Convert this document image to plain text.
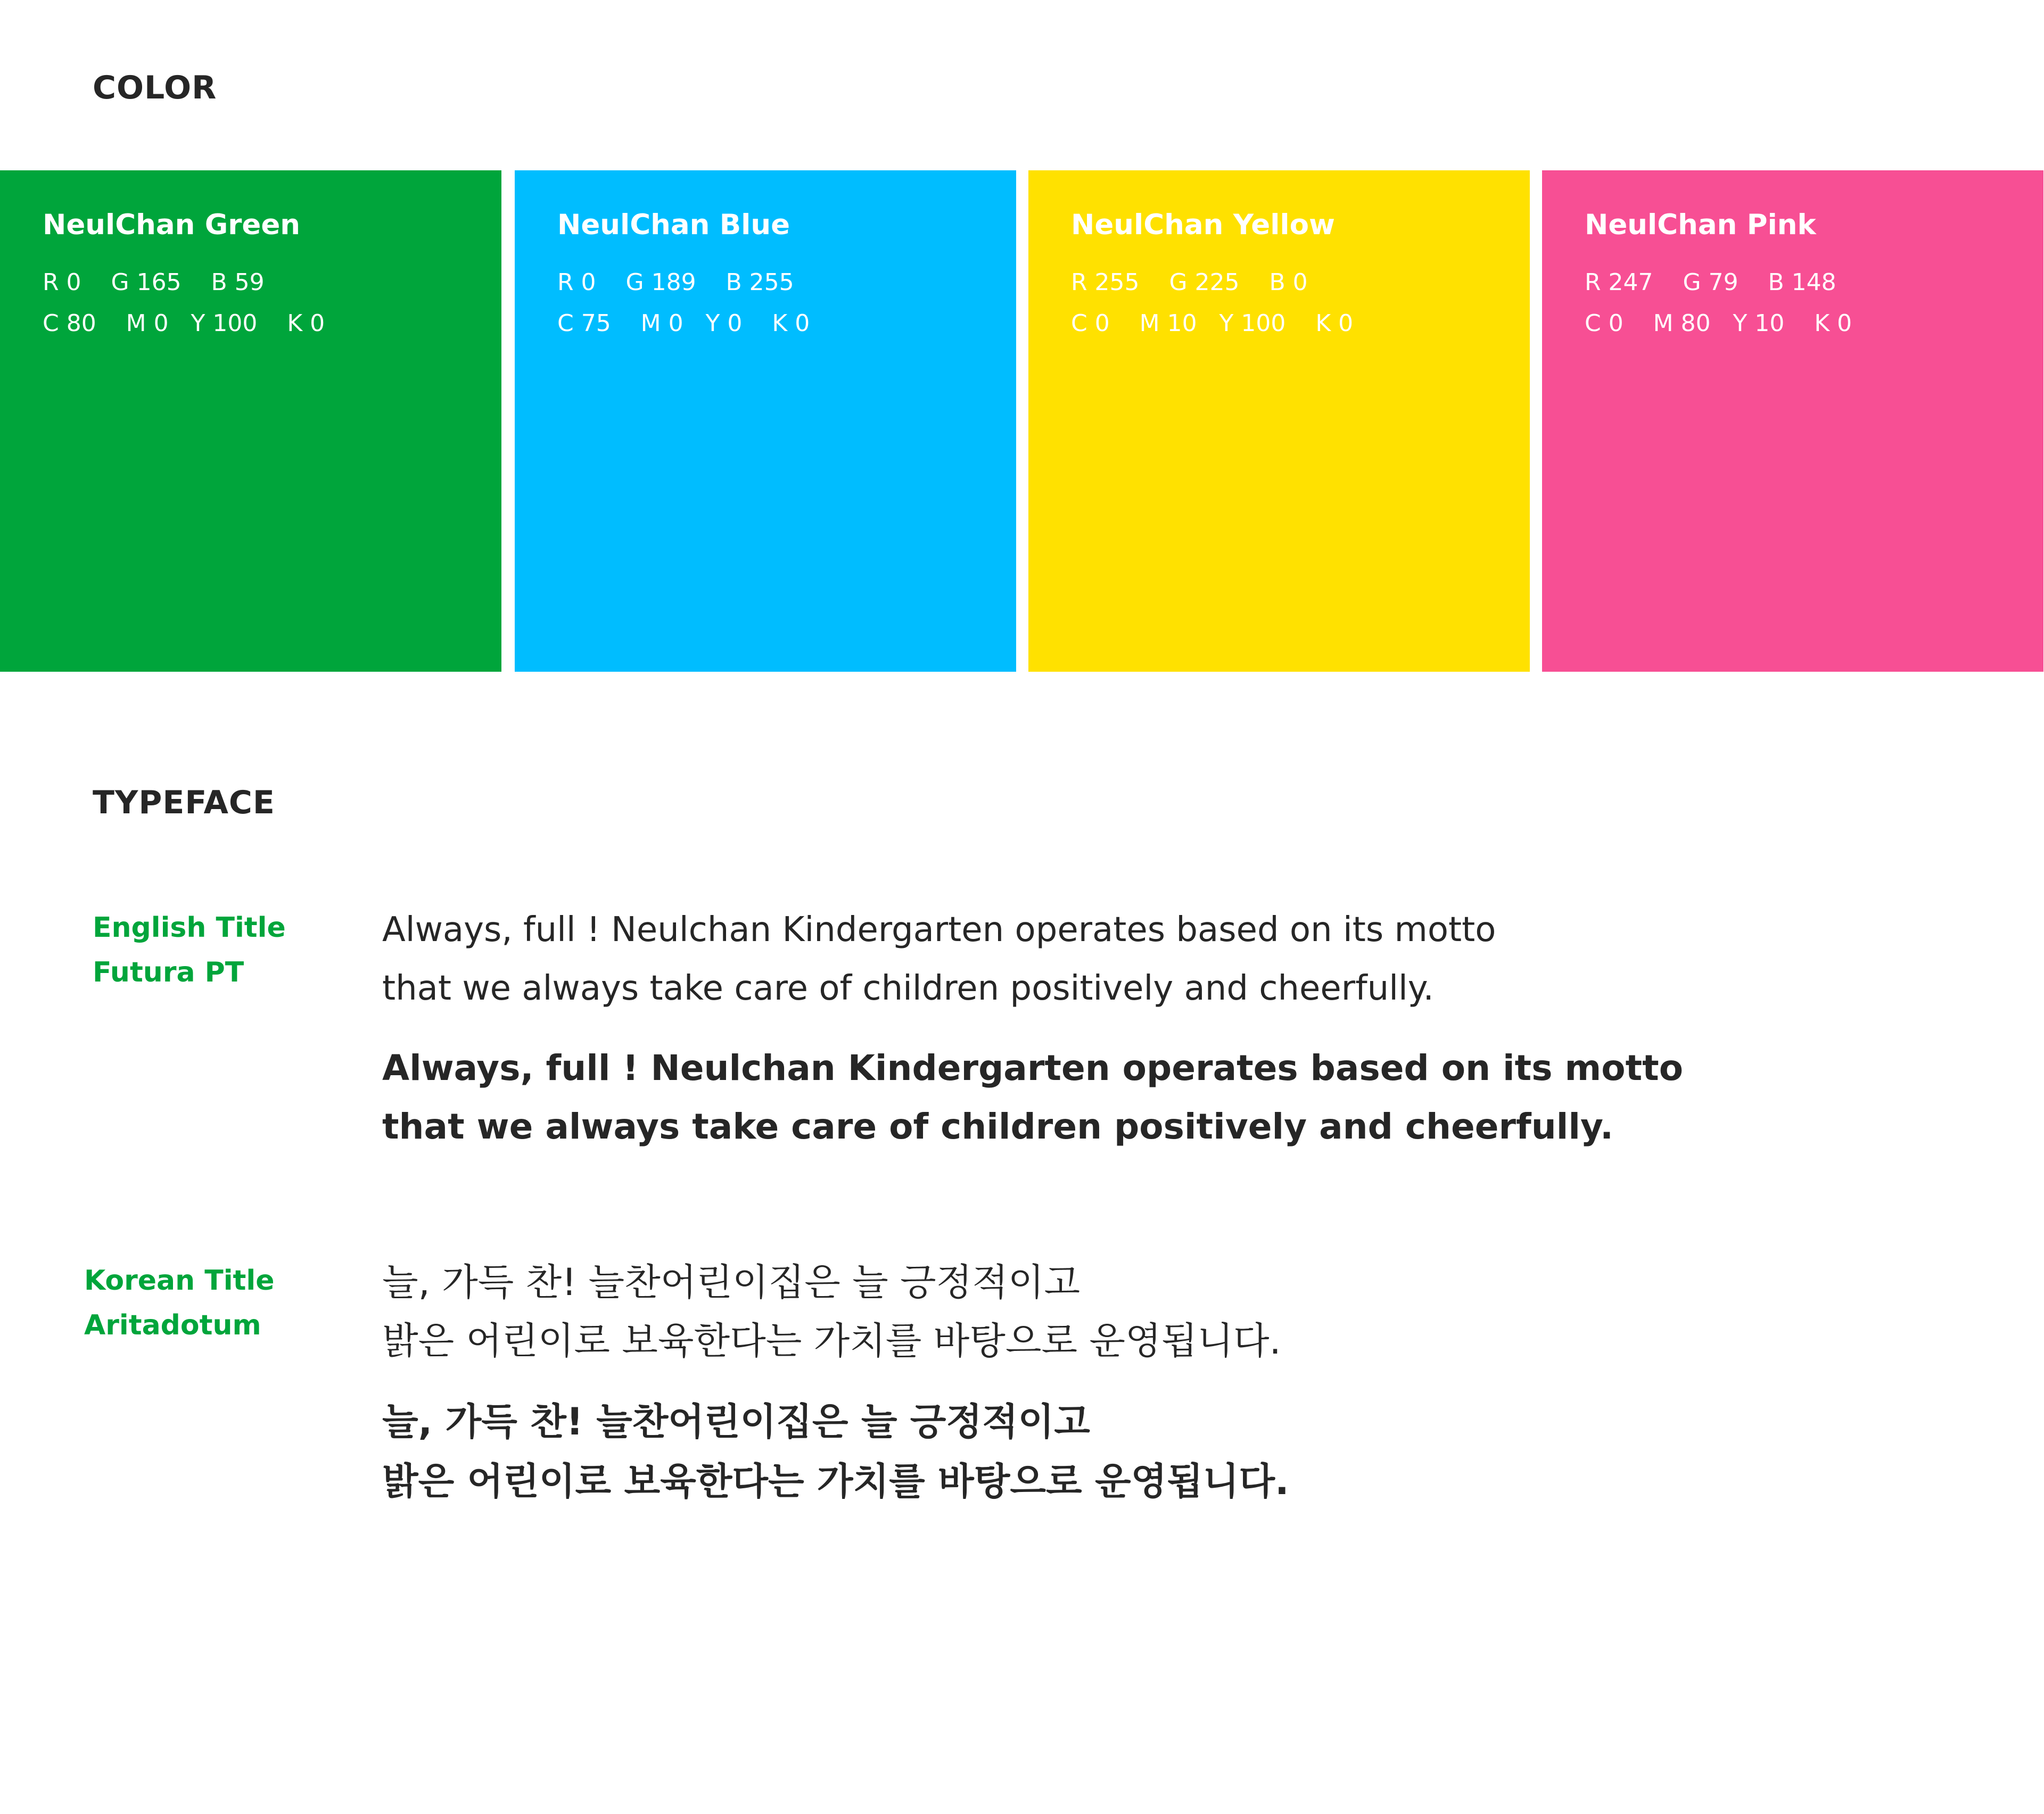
COLOR
NeulChan Green
R 0    G 165    B 59
C 80    M 0   Y 100    K 0
NeulChan Blue
R 0    G 189    B 255
C 75    M 0   Y 0    K 0
NeulChan Yellow
R 255    G 225    B 0
C 0    M 10   Y 100    K 0
NeulChan Pink
R 247    G 79    B 148
C 0    M 80   Y 10    K 0
TYPEFACE
English Title
Futura PT

Always, full ! Neulchan Kindergarten operates based on its motto
that we always take care of children positively and cheerfully.

Always, full ! Neulchan Kindergarten operates based on its motto
that we always take care of children positively and cheerfully.

Korean Title
Aritadotum

늘, 가득 찬! 늘찬어린이집은 늘 긍정적이고
밝은 어린이로 보육한다는 가치를 바탕으로 운영됩니다.

늘, 가득 찬! 늘찬어린이집은 늘 긍정적이고
밝은 어린이로 보육한다는 가치를 바탕으로 운영됩니다.
